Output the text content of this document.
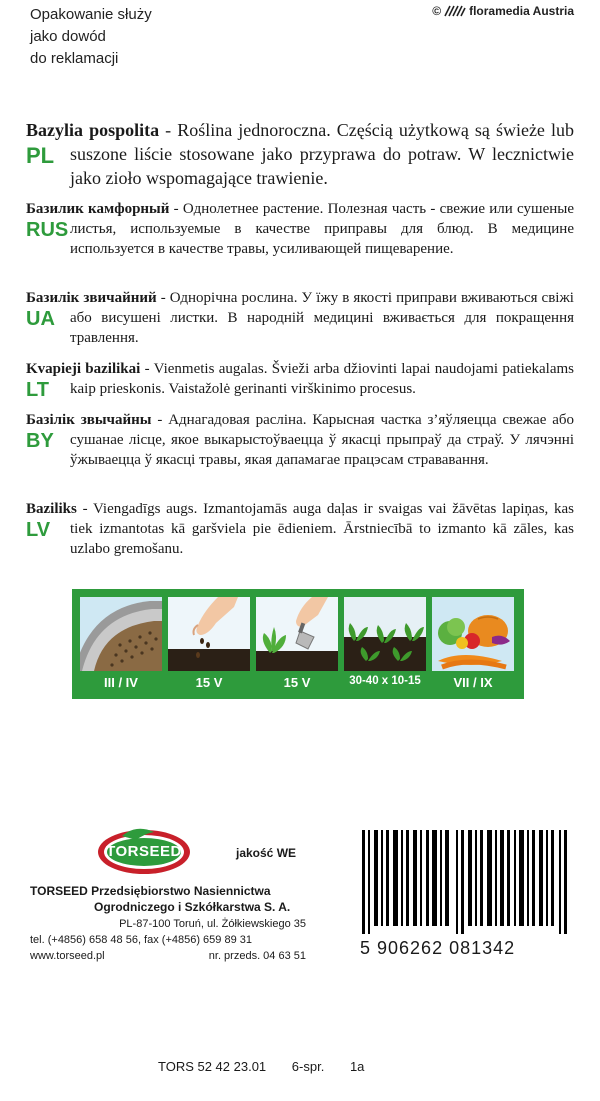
Opakowanie służy
jako dowód
do reklamacji
© floramedia Austria
PL
Bazylia pospolita - Roślina jednoroczna. Częścią użytkową są świeże lub suszone liście stosowane jako przyprawa do potraw. W lecznictwie jako zioło wspomagające trawienie.
RUS
Базилик камфорный - Однолетнее растение. Полезная часть - свежие или сушеные листья, используемые в качестве приправы для блюд. В медицине используется в качестве травы, усиливающей пищеварение.
UA
Базилік звичайний - Однорічна рослина. У їжу в якості приправи вживаються свіжі або висушені листки. В народній медицині вживається для покращення травлення.
LT
Kvapieji bazilikai - Vienmetis augalas. Švieži arba džiovinti lapai naudojami patiekalams kaip prieskonis. Vaistažolė gerinanti virškinimo procesus.
BY
Базілік звычайны - Аднагадовая расліна. Карысная частка з’яўляецца свежае або сушанае лісце, якое выкарыстоўваецца ў якасці прыпраў да страў. У лячэнні ўжываецца ў якасці травы, якая дапамагае працэсам стрававання.
LV
Baziliks - Viengadīgs augs. Izmantojamās auga daļas ir svaigas vai žāvētas lapiņas, kas tiek izmantotas kā garšviela pie ēdieniem. Ārstniecībā to izmanto kā zāles, kas uzlabo gremošanu.
III / IV	15 V	15 V	30-40 x 10-15	VII / IX
TORSEED	jakość WE
TORSEED Przedsiębiorstwo Nasiennictwa
Ogrodniczego i Szkółkarstwa S. A.
PL-87-100 Toruń, ul. Żółkiewskiego 35
tel. (+4856) 658 48 56, fax (+4856) 659 89 31
www.torseed.pl	nr. przeds. 04 63 51	5 906262 081342
TORS 52 42 23.01 6-spr. 1a
